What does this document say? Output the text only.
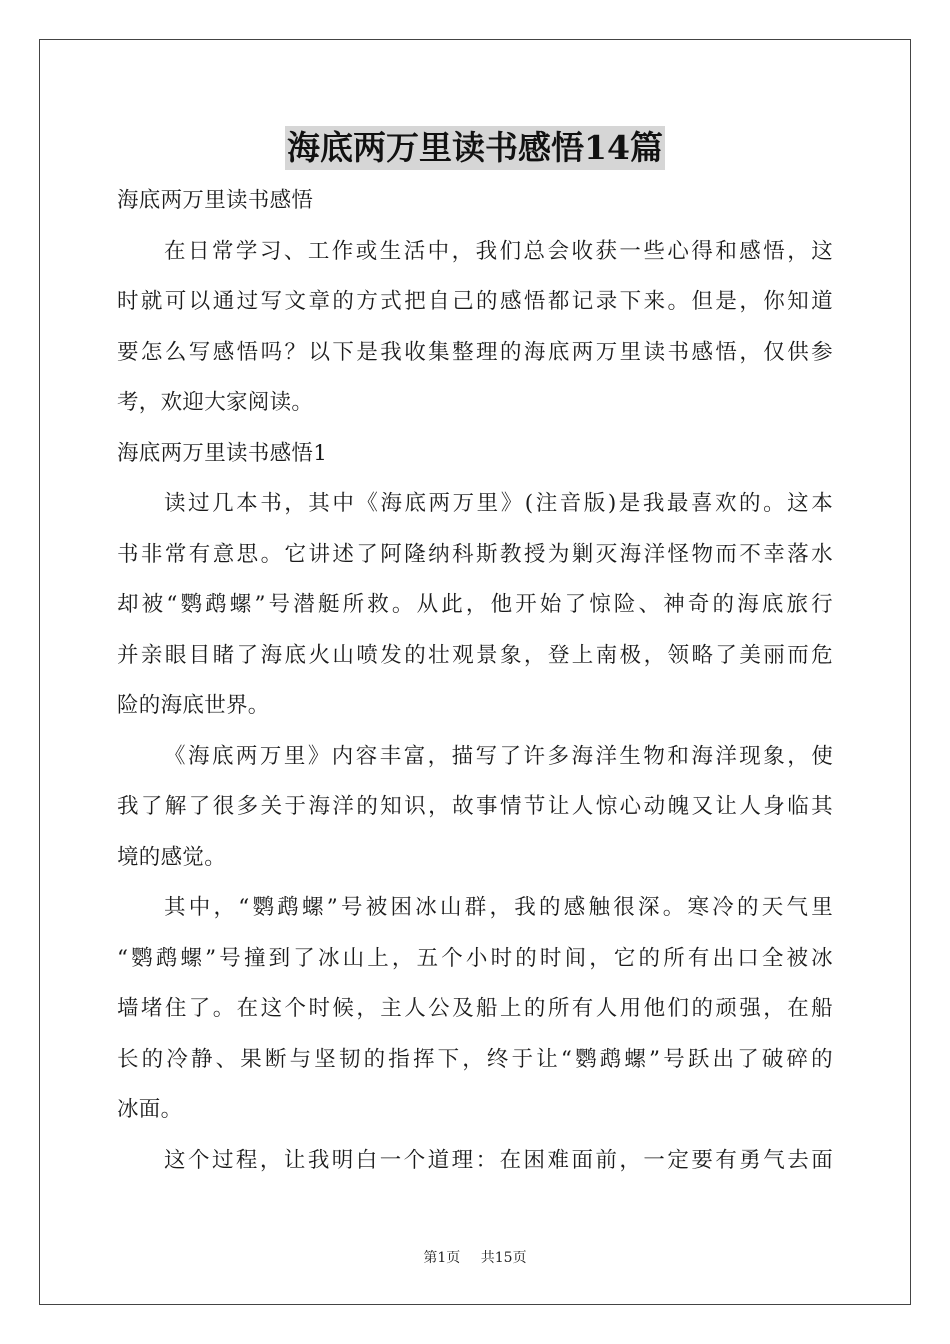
海底两万里读书感悟14篇
海底两万里读书感悟
在日常学习、工作或生活中，我们总会收获一些心得和感悟，这
时就可以通过写文章的方式把自己的感悟都记录下来。但是，你知道
要怎么写感悟吗？以下是我收集整理的海底两万里读书感悟，仅供参
考，欢迎大家阅读。
海底两万里读书感悟1
读过几本书，其中《海底两万里》(注音版)是我最喜欢的。这本
书非常有意思。它讲述了阿隆纳科斯教授为剿灭海洋怪物而不幸落水
却被“鹦鹉螺”号潜艇所救。从此，他开始了惊险、神奇的海底旅行
并亲眼目睹了海底火山喷发的壮观景象，登上南极，领略了美丽而危
险的海底世界。
《海底两万里》内容丰富，描写了许多海洋生物和海洋现象，使
我了解了很多关于海洋的知识，故事情节让人惊心动魄又让人身临其
境的感觉。
其中，“鹦鹉螺”号被困冰山群，我的感触很深。寒冷的天气里
“鹦鹉螺”号撞到了冰山上，五个小时的时间，它的所有出口全被冰
墙堵住了。在这个时候，主人公及船上的所有人用他们的顽强，在船
长的冷静、果断与坚韧的指挥下，终于让“鹦鹉螺”号跃出了破碎的
冰面。
这个过程，让我明白一个道理：在困难面前，一定要有勇气去面
第1页 共15页
